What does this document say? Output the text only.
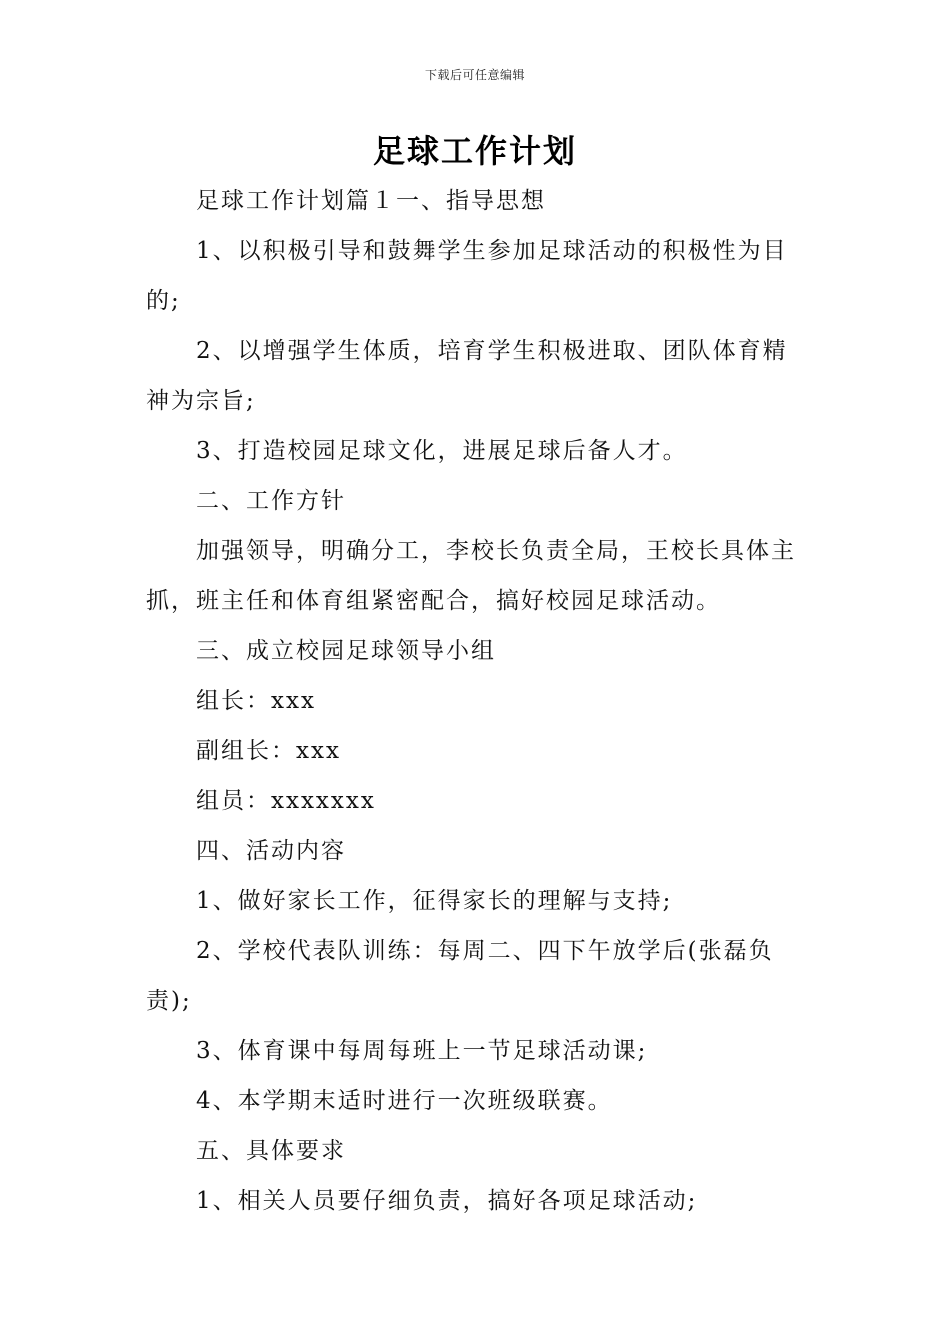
下载后可任意编辑
足球工作计划

足球工作计划篇１一、指导思想

1、以积极引导和鼓舞学生参加足球活动的积极性为目的;

2、以增强学生体质，培育学生积极进取、团队体育精神为宗旨;

3、打造校园足球文化，进展足球后备人才。

二、工作方针

加强领导，明确分工，李校长负责全局，王校长具体主抓，班主任和体育组紧密配合，搞好校园足球活动。

三、成立校园足球领导小组

组长：xxx

副组长：xxx

组员：xxxxxxx

四、活动内容

1、做好家长工作，征得家长的理解与支持;

2、学校代表队训练：每周二、四下午放学后(张磊负责);

3、体育课中每周每班上一节足球活动课;

4、本学期末适时进行一次班级联赛。

五、具体要求

1、相关人员要仔细负责，搞好各项足球活动;
